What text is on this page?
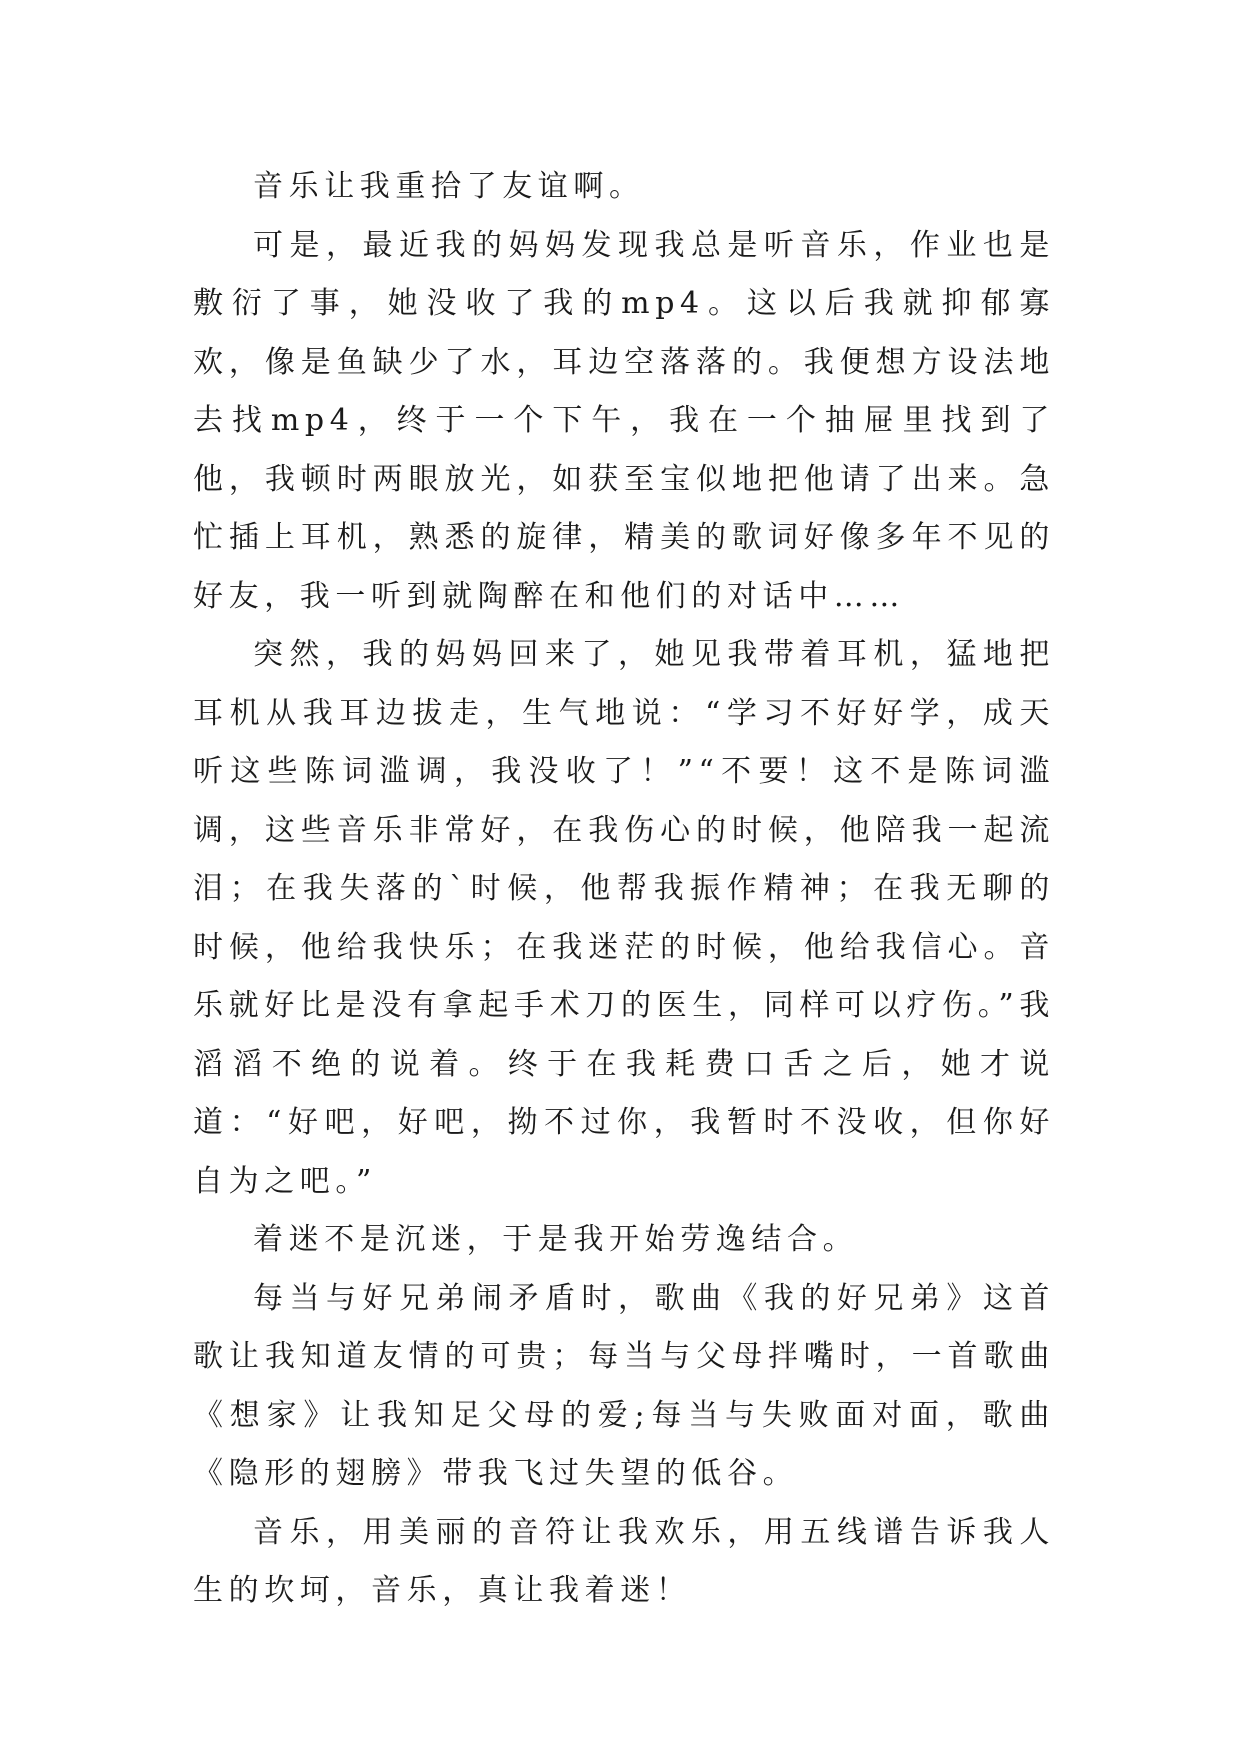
音乐让我重拾了友谊啊。

可是，最近我的妈妈发现我总是听音乐，作业也是敷衍了事，她没收了我的mp4。这以后我就抑郁寡欢，像是鱼缺少了水，耳边空落落的。我便想方设法地去找mp4，终于一个下午，我在一个抽屉里找到了他，我顿时两眼放光，如获至宝似地把他请了出来。急忙插上耳机，熟悉的旋律，精美的歌词好像多年不见的好友，我一听到就陶醉在和他们的对话中……

突然，我的妈妈回来了，她见我带着耳机，猛地把耳机从我耳边拔走，生气地说：“学习不好好学，成天听这些陈词滥调，我没收了！”“不要！这不是陈词滥调，这些音乐非常好，在我伤心的时候，他陪我一起流泪；在我失落的`时候，他帮我振作精神；在我无聊的时候，他给我快乐；在我迷茫的时候，他给我信心。音乐就好比是没有拿起手术刀的医生，同样可以疗伤。”我滔滔不绝的说着。终于在我耗费口舌之后，她才说道：“好吧，好吧，拗不过你，我暂时不没收，但你好自为之吧。”

着迷不是沉迷，于是我开始劳逸结合。

每当与好兄弟闹矛盾时，歌曲《我的好兄弟》这首歌让我知道友情的可贵；每当与父母拌嘴时，一首歌曲《想家》让我知足父母的爱;每当与失败面对面，歌曲《隐形的翅膀》带我飞过失望的低谷。

音乐，用美丽的音符让我欢乐，用五线谱告诉我人生的坎坷，音乐，真让我着迷！
